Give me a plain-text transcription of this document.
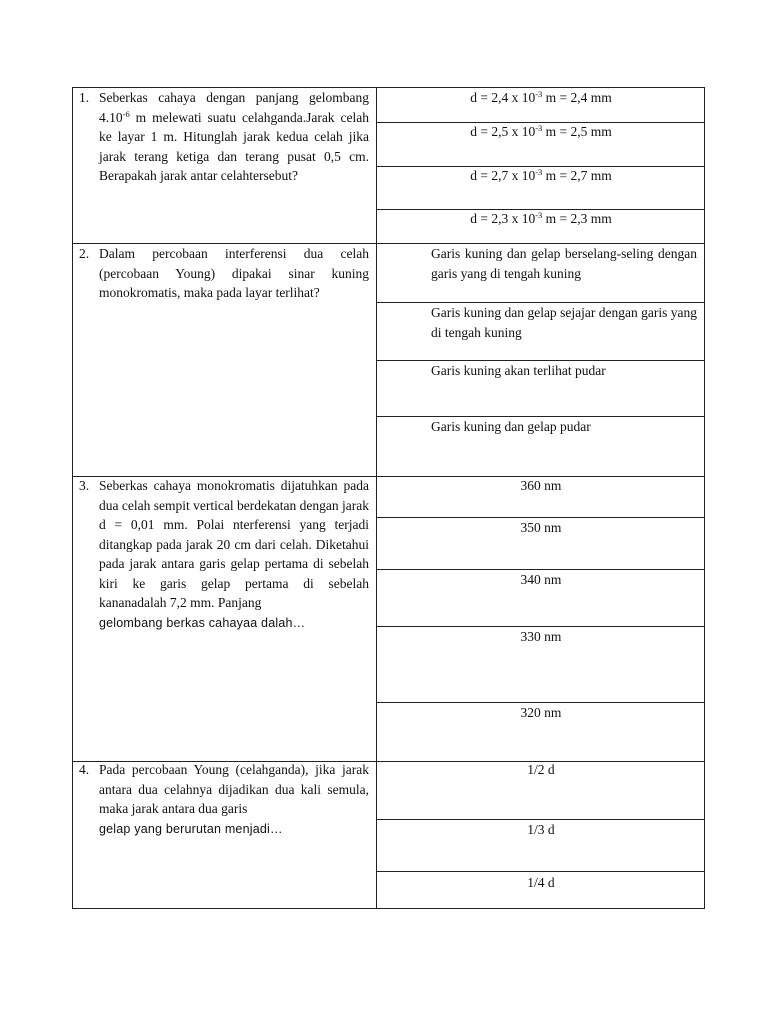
1. Seberkas cahaya dengan panjang gelombang $4.10^{-6}$ m melewati suatu celahganda.Jarak celah ke layar 1 m. Hitunglah jarak kedua celah jika jarak terang ketiga dan terang pusat 0,5 cm. Berapakah jarak antar celahtersebut?
d = 2,4 x $10^{-3}$ m = 2,4 mm
d = 2,5 x $10^{-3}$ m = 2,5 mm
d = 2,7 x $10^{-3}$ m = 2,7 mm
d = 2,3 x $10^{-3}$ m = 2,3 mm
2. Dalam percobaan interferensi dua celah (percobaan Young) dipakai sinar kuning monokromatis, maka pada layar terlihat?
Garis kuning dan gelap berselang-seling dengan garis yang di tengah kuning
Garis kuning dan gelap sejajar dengan garis yang di tengah kuning
Garis kuning akan terlihat pudar
Garis kuning dan gelap pudar
3. Seberkas cahaya monokromatis dijatuhkan pada dua celah sempit vertical berdekatan dengan jarak d = 0,01 mm. Polai nterferensi yang terjadi ditangkap pada jarak 20 cm dari celah. Diketahui pada jarak antara garis gelap pertama di sebelah kiri ke garis gelap pertama di sebelah kananadalah 7,2 mm. Panjang
gelombang berkas cahayaa dalah…
360 nm
350 nm
340 nm
330 nm
320 nm
4. Pada percobaan Young (celahganda), jika jarak antara dua celahnya dijadikan dua kali semula, maka jarak antara dua garis
gelap yang berurutan menjadi…
1/2 d
1/3 d
1/4 d
